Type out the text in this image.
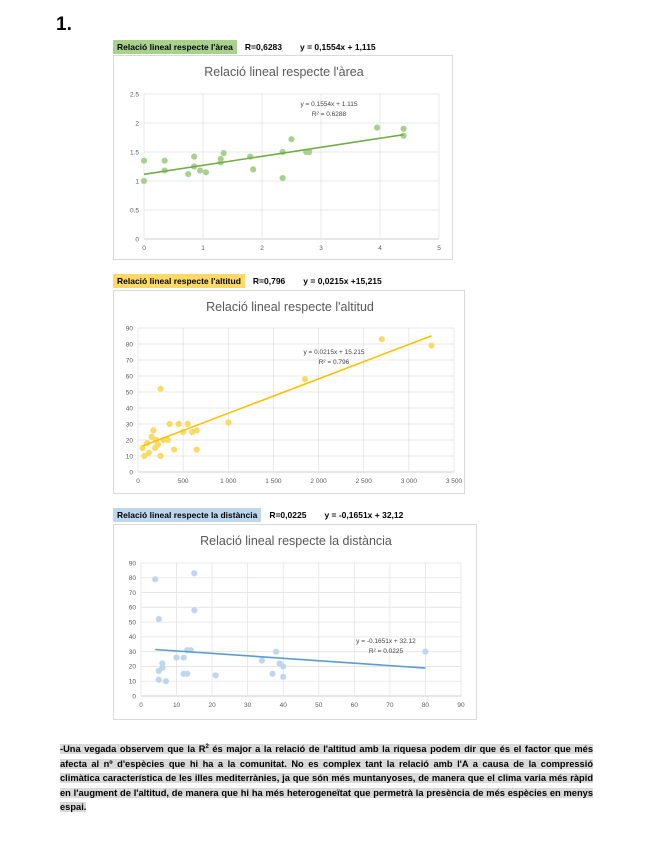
1.
Relació lineal respecte l'àrea R=0,6283 y = 0,1554x + 1,115
Relació lineal respecte l'àrea
0
0.5
1
1.5
2
2.5
0	1	2	3	4	5
y = 0.1554x + 1.115
R² = 0.6288
Relació lineal respecte l'altitud R=0,796 y = 0,0215x +15,215
Relació lineal respecte l'altitud
0
10
20
30
40
50
60
70
80
90
0	500	1 000	1 500	2 000	2 500	3 000	3 500
y = 0.0215x + 15.215
R² = 0.796
Relació lineal respecte la distància R=0,0225 y = -0,1651x + 32,12
Relació lineal respecte la distància
0
10
20
30
40
50
60
70
80
90
0	10	20	30	40	50	60	70	80	90
y = -0.1651x + 32.12
R² = 0.0225
-Una vegada observem que la $R^2$ és major a la relació de l'altitud amb la riquesa podem dir que és el factor que més afecta al nº d'espècies que hi ha a la comunitat. No es complex tant la relació amb l'A a causa de la compressió climàtica característica de les illes mediterrànies, ja que són més muntanyoses, de manera que el clima varia més ràpid en l'augment de l'altitud, de manera que hi ha més heterogeneïtat que permetrà la presència de més espècies en menys espai.
